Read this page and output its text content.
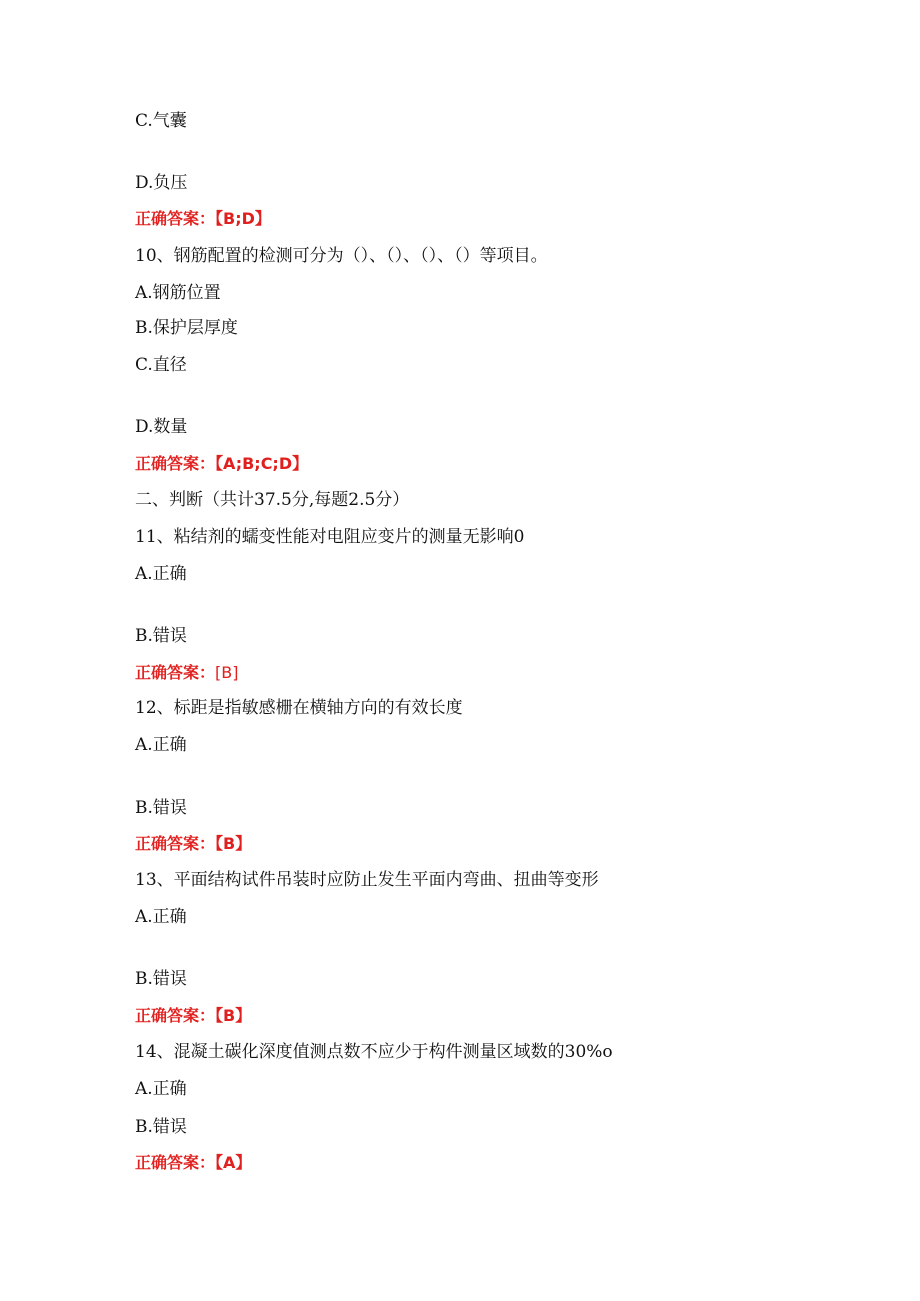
C.气囊
D.负压
正确答案：【B;D】
10、钢筋配置的检测可分为（）、（）、（）、（）等项目。
A.钢筋位置
B.保护层厚度
C.直径
D.数量
正确答案：【A;B;C;D】
二、判断（共计37.5分,每题2.5分）
11、粘结剂的蠕变性能对电阻应变片的测量无影响0
A.正确
B.错误
正确答案：[B]
12、标距是指敏感栅在横轴方向的有效长度
A.正确
B.错误
正确答案：【B】
13、平面结构试件吊装时应防止发生平面内弯曲、扭曲等变形
A.正确
B.错误
正确答案：【B】
14、混凝土碳化深度值测点数不应少于构件测量区域数的30%o
A.正确
B.错误
正确答案：【A】
